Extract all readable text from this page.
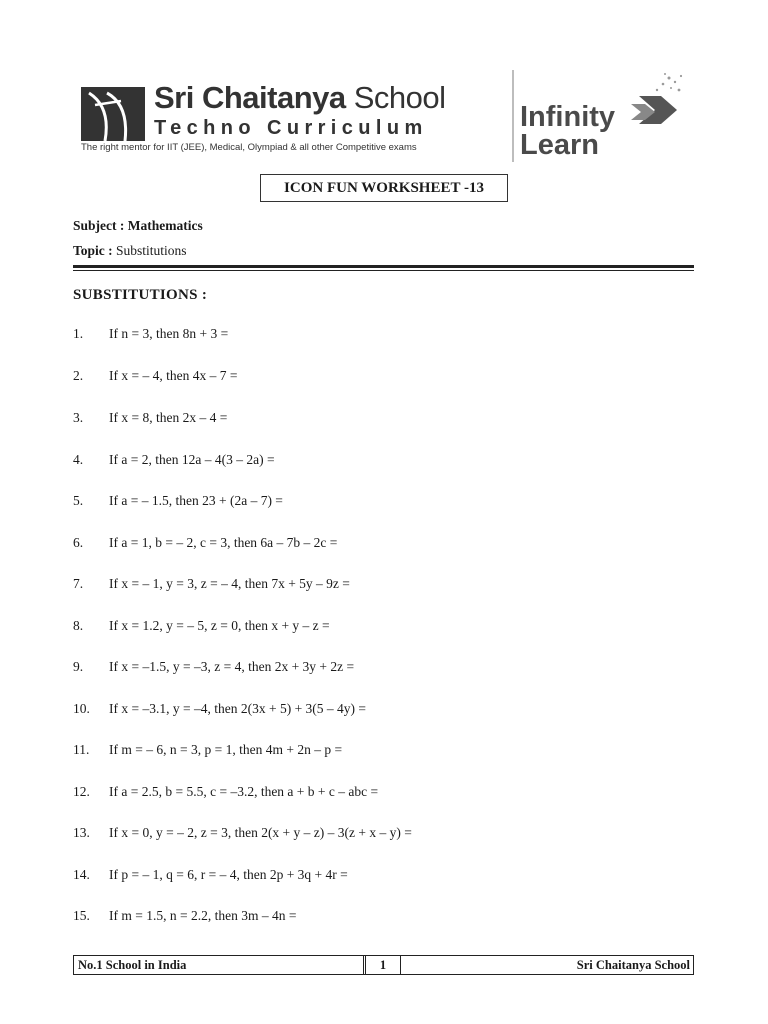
Sri Chaitanya School
Techno Curriculum
The right mentor for IIT (JEE), Medical, Olympiad & all other Competitive exams
Infinity
Learn
ICON FUN WORKSHEET -13
Subject : Mathematics
Topic : Substitutions
SUBSTITUTIONS :
1. If n = 3, then 8n + 3 =
2. If x = – 4, then 4x – 7 =
3. If x = 8, then 2x – 4 =
4. If a = 2, then 12a – 4(3 – 2a) =
5. If a = – 1.5, then 23 + (2a – 7) =
6. If a = 1, b = – 2, c = 3, then 6a – 7b – 2c =
7. If x = – 1, y = 3, z = – 4, then 7x + 5y – 9z =
8. If x = 1.2, y = – 5, z = 0, then x + y – z =
9. If x = –1.5, y = –3, z = 4, then 2x + 3y + 2z =
10. If x = –3.1, y = –4, then 2(3x + 5) + 3(5 – 4y) =
11. If m = – 6, n = 3, p = 1, then 4m + 2n – p =
12. If a = 2.5, b = 5.5, c = –3.2, then a + b + c – abc =
13. If x = 0, y = – 2, z = 3, then 2(x + y – z) – 3(z + x – y) =
14. If p = – 1, q = 6, r = – 4, then 2p + 3q + 4r =
15. If m = 1.5, n = 2.2, then 3m – 4n =
No.1 School in India	1	Sri Chaitanya School
